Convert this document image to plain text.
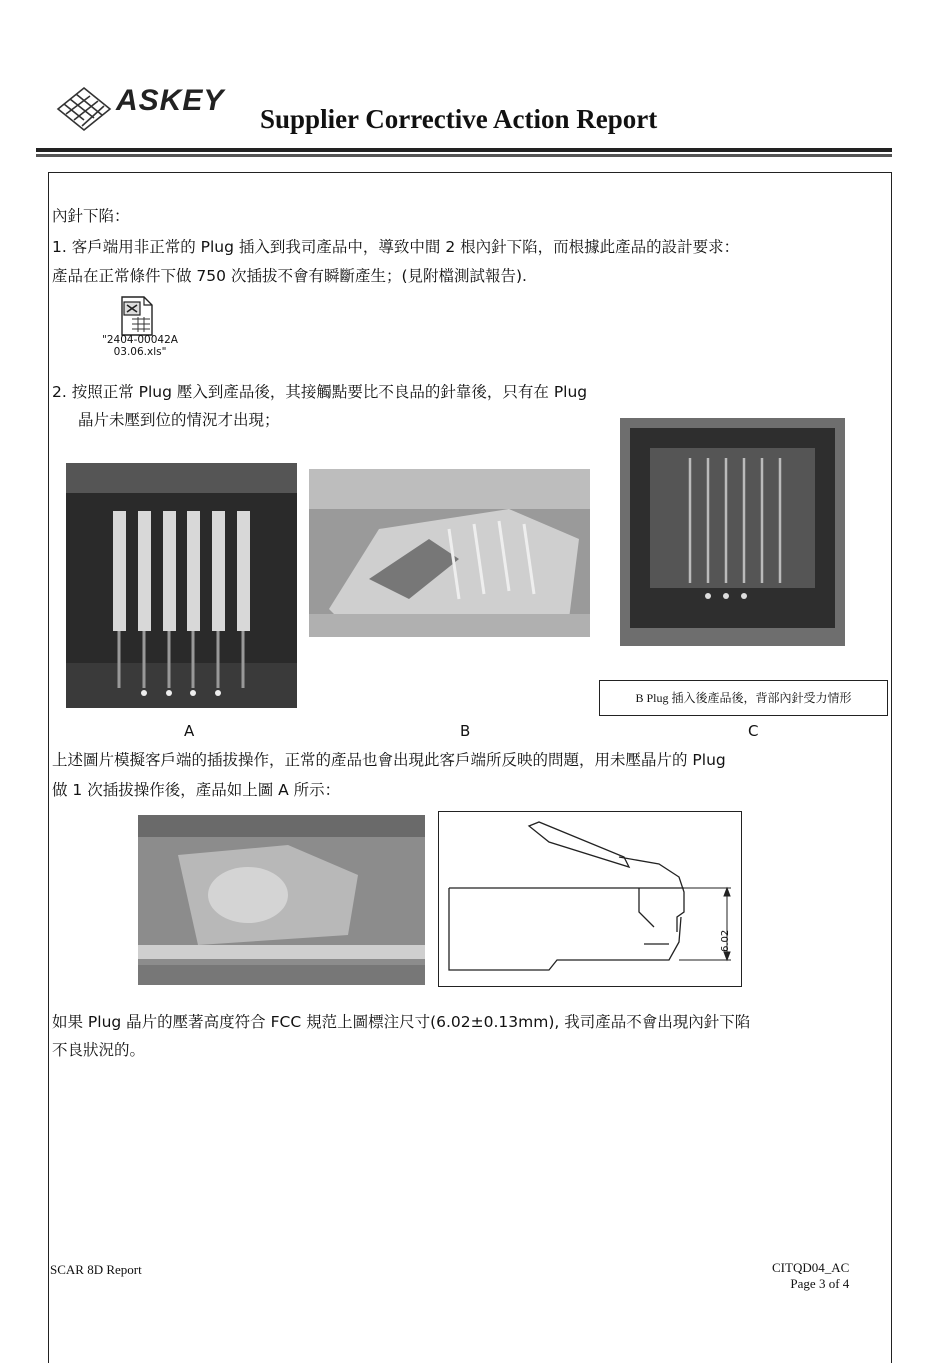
ASKEY
Supplier Corrective Action Report
內針下陷：
1. 客戶端用非正常的 Plug 插入到我司產品中，導致中間 2 根內針下陷，而根據此產品的設計要求：
產品在正常條件下做 750 次插拔不會有瞬斷產生；(見附檔測試報告).
"2404-00042A
03.06.xls"
2. 按照正常 Plug 壓入到產品後，其接觸點要比不良品的針靠後，只有在 Plug
晶片未壓到位的情況才出現；
B Plug 插入後產品後，背部內針受力情形
A	B	C
上述圖片模擬客戶端的插拔操作，正常的產品也會出現此客戶端所反映的問題，用未壓晶片的 Plug
做 1 次插拔操作後，產品如上圖 A 所示：
6.02
如果 Plug 晶片的壓著高度符合 FCC 規范上圖標注尺寸(6.02±0.13mm), 我司產品不會出現內針下陷
不良狀況的。
SCAR 8D Report	CITQD04_AC
Page 3 of 4
